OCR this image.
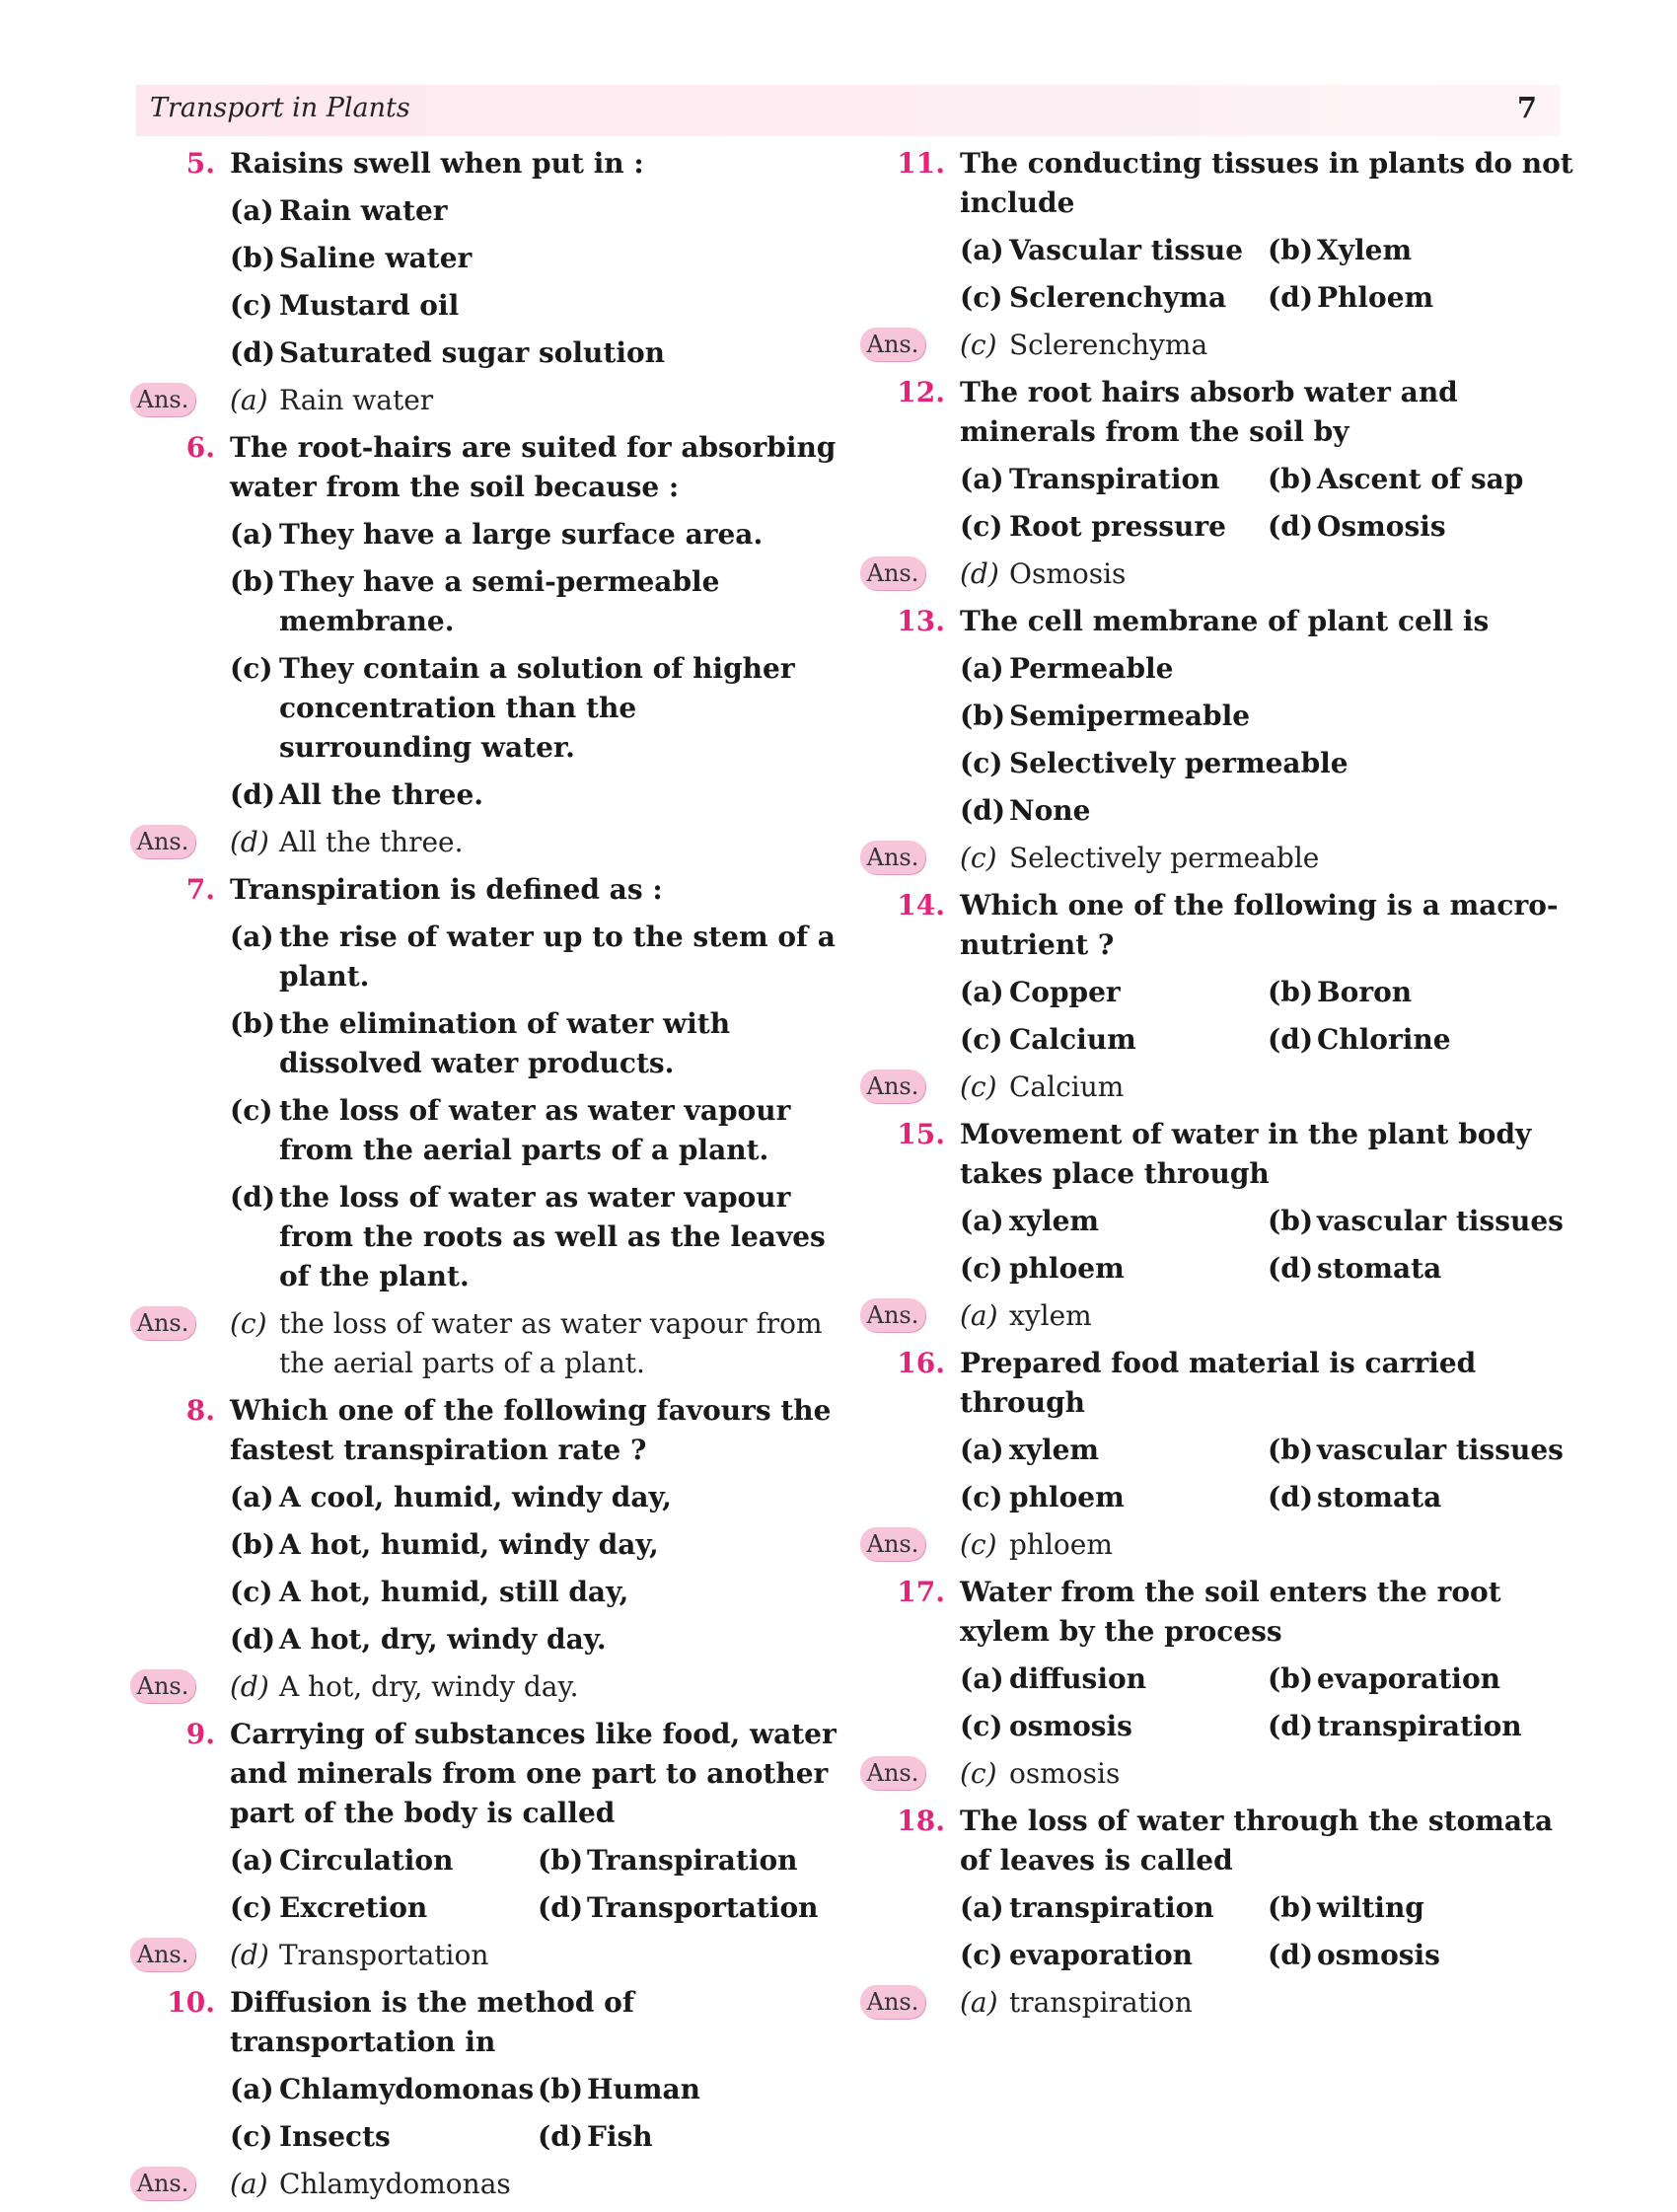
Transport in Plants	7
5. Raisins swell when put in :
(a) Rain water
(b) Saline water
(c) Mustard oil
(d) Saturated sugar solution
Ans. (a) Rain water
6. The root-hairs are suited for absorbing water from the soil because :
(a) They have a large surface area.
(b) They have a semi-permeable membrane.
(c) They contain a solution of higher concentration than the surrounding water.
(d) All the three.
Ans. (d) All the three.
7. Transpiration is defined as :
(a) the rise of water up to the stem of a plant.
(b) the elimination of water with dissolved water products.
(c) the loss of water as water vapour from the aerial parts of a plant.
(d) the loss of water as water vapour from the roots as well as the leaves of the plant.
Ans. (c) the loss of water as water vapour from the aerial parts of a plant.
8. Which one of the following favours the fastest transpiration rate ?
(a) A cool, humid, windy day,
(b) A hot, humid, windy day,
(c) A hot, humid, still day,
(d) A hot, dry, windy day.
Ans. (d) A hot, dry, windy day.
9. Carrying of substances like food, water and minerals from one part to another part of the body is called
(a) Circulation	(b) Transpiration
(c) Excretion	(d) Transportation
Ans. (d) Transportation
10. Diffusion is the method of transportation in
(a) Chlamydomonas (b) Human
(c) Insects	(d) Fish
Ans. (a) Chlamydomonas
11. The conducting tissues in plants do not include
(a) Vascular tissue (b) Xylem
(c) Sclerenchyma	(d) Phloem
Ans. (c) Sclerenchyma
12. The root hairs absorb water and minerals from the soil by
(a) Transpiration	(b) Ascent of sap
(c) Root pressure	(d) Osmosis
Ans. (d) Osmosis
13. The cell membrane of plant cell is
(a) Permeable
(b) Semipermeable
(c) Selectively permeable
(d) None
Ans. (c) Selectively permeable
14. Which one of the following is a macro-nutrient ?
(a) Copper	(b) Boron
(c) Calcium	(d) Chlorine
Ans. (c) Calcium
15. Movement of water in the plant body takes place through
(a) xylem	(b) vascular tissues
(c) phloem	(d) stomata
Ans. (a) xylem
16. Prepared food material is carried through
(a) xylem	(b) vascular tissues
(c) phloem	(d) stomata
Ans. (c) phloem
17. Water from the soil enters the root xylem by the process
(a) diffusion	(b) evaporation
(c) osmosis	(d) transpiration
Ans. (c) osmosis
18. The loss of water through the stomata of leaves is called
(a) transpiration	(b) wilting
(c) evaporation	(d) osmosis
Ans. (a) transpiration
